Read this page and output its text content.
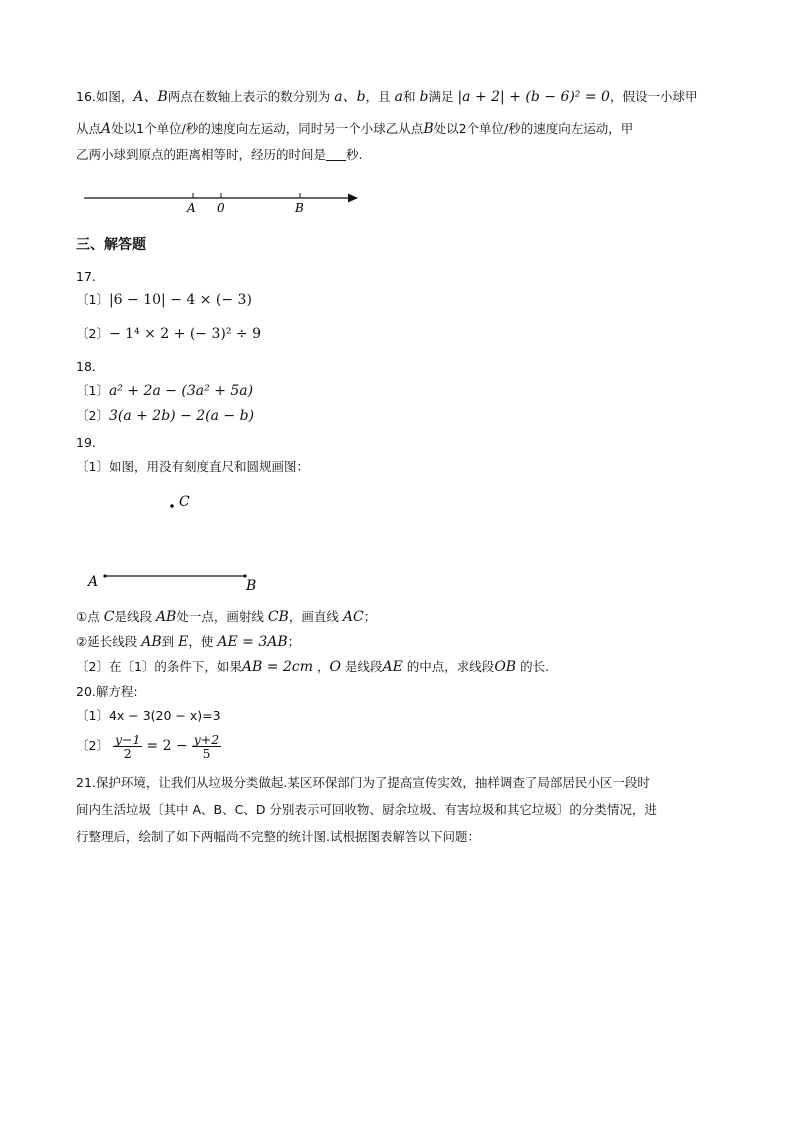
16.如图，A、B两点在数轴上表示的数分别为 a、b，且 a和 b满足 |a + 2| + (b − 6)² = 0，假设一小球甲
从点A处以1个单位/秒的速度向左运动，同时另一个小球乙从点B处以2个单位/秒的速度向左运动，甲
乙两小球到原点的距离相等时，经历的时间是 秒.
A 0	B
三、解答题
17.
〔1〕|6 − 10| − 4 × (− 3)
〔2〕− 1⁴ × 2 + (− 3)² ÷ 9
18.
〔1〕a² + 2a − (3a² + 5a)
〔2〕3(a + 2b) − 2(a − b)
19.
〔1〕如图，用没有刻度直尺和圆规画图：
C
A	B
①点 C是线段 AB处一点，画射线 CB，画直线 AC；
②延长线段 AB到 E，使 AE = 3AB；
〔2〕在〔1〕的条件下，如果AB = 2cm ，O 是线段AE 的中点，求线段OB 的长.
20.解方程:
〔1〕4x − 3(20 − x)=3
〔2〕 $\frac{y-1}{2} = 2 - \frac{y+2}{5}$
21.保护环境，让我们从垃圾分类做起.某区环保部门为了提高宣传实效，抽样调查了局部居民小区一段时
间内生活垃圾〔其中 A、B、C、D 分别表示可回收物、厨余垃圾、有害垃圾和其它垃圾〕的分类情况，进
行整理后，绘制了如下两幅尚不完整的统计图.试根据图表解答以下问题：
